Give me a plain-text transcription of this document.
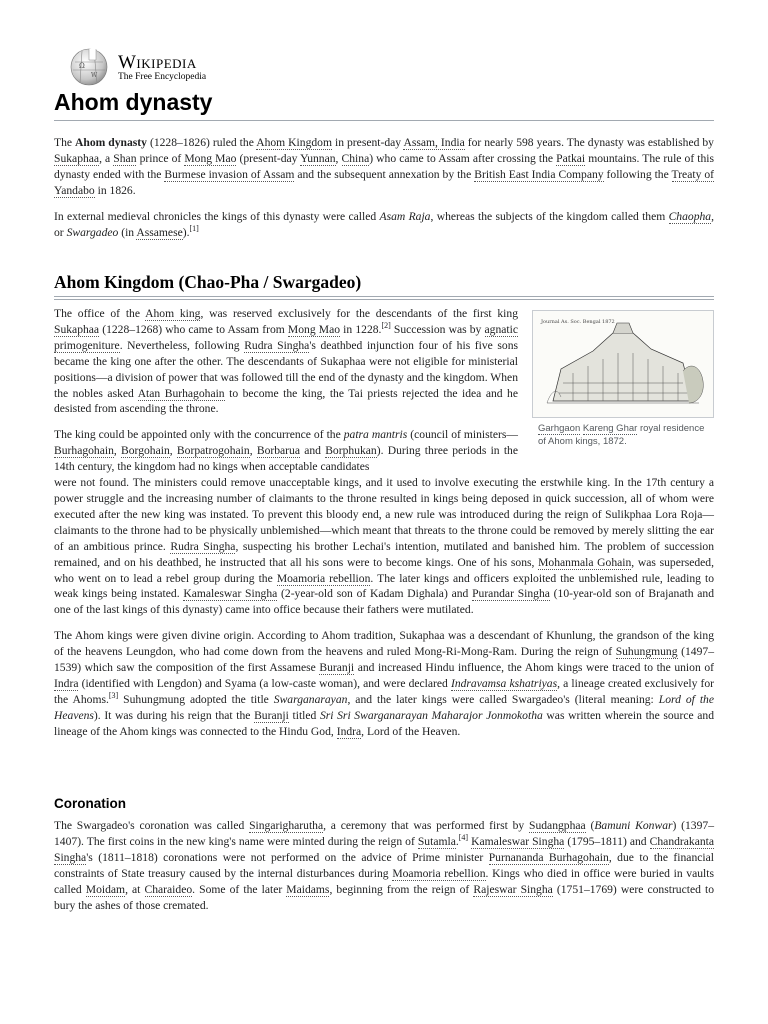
Ω
W
Wikipedia
The Free Encyclopedia
Ahom dynasty

The Ahom dynasty (1228–1826) ruled the Ahom Kingdom in present-day Assam, India for nearly 598 years. The dynasty was established by Sukaphaa, a Shan prince of Mong Mao (present-day Yunnan, China) who came to Assam after crossing the Patkai mountains. The rule of this dynasty ended with the Burmese invasion of Assam and the subsequent annexation by the British East India Company following the Treaty of Yandabo in 1826.

In external medieval chronicles the kings of this dynasty were called Asam Raja, whereas the subjects of the kingdom called them Chaopha, or Swargadeo (in Assamese).[1]

Ahom Kingdom (Chao-Pha / Swargadeo)
Journal As. Soc. Bengal 1872
Garhgaon Kareng Ghar royal residence of Ahom kings, 1872.

The office of the Ahom king, was reserved exclusively for the descendants of the first king Sukaphaa (1228–1268) who came to Assam from Mong Mao in 1228.[2] Succession was by agnatic primogeniture. Nevertheless, following Rudra Singha's deathbed injunction four of his five sons became the king one after the other. The descendants of Sukaphaa were not eligible for ministerial positions—a division of power that was followed till the end of the dynasty and the kingdom. When the nobles asked Atan Burhagohain to become the king, the Tai priests rejected the idea and he desisted from ascending the throne.

The king could be appointed only with the concurrence of the patra mantris (council of ministers—Burhagohain, Borgohain, Borpatrogohain, Borbarua and Borphukan). During three periods in the 14th century, the kingdom had no kings when acceptable candidates
were not found. The ministers could remove unacceptable kings, and it used to involve executing the erstwhile king. In the 17th century a power struggle and the increasing number of claimants to the throne resulted in kings being deposed in quick succession, all of whom were executed after the new king was instated. To prevent this bloody end, a new rule was introduced during the reign of Sulikphaa Lora Roja—claimants to the throne had to be physically unblemished—which meant that threats to the throne could be removed by merely slitting the ear of an ambitious prince. Rudra Singha, suspecting his brother Lechai's intention, mutilated and banished him. The problem of succession remained, and on his deathbed, he instructed that all his sons were to become kings. One of his sons, Mohanmala Gohain, was superseded, who went on to lead a rebel group during the Moamoria rebellion. The later kings and officers exploited the unblemished rule, leading to weak kings being instated. Kamaleswar Singha (2-year-old son of Kadam Dighala) and Purandar Singha (10-year-old son of Brajanath and one of the last kings of this dynasty) came into office because their fathers were mutilated.

The Ahom kings were given divine origin. According to Ahom tradition, Sukaphaa was a descendant of Khunlung, the grandson of the king of the heavens Leungdon, who had come down from the heavens and ruled Mong-Ri-Mong-Ram. During the reign of Suhungmung (1497–1539) which saw the composition of the first Assamese Buranji and increased Hindu influence, the Ahom kings were traced to the union of Indra (identified with Lengdon) and Syama (a low-caste woman), and were declared Indravamsa kshatriyas, a lineage created exclusively for the Ahoms.[3] Suhungmung adopted the title Swarganarayan, and the later kings were called Swargadeo's (literal meaning: Lord of the Heavens). It was during his reign that the Buranji titled Sri Sri Swarganarayan Maharajor Jonmokotha was written wherein the source and lineage of the Ahom kings was connected to the Hindu God, Indra, Lord of the Heaven.

Coronation

The Swargadeo's coronation was called Singarigharutha, a ceremony that was performed first by Sudangphaa (Bamuni Konwar) (1397–1407). The first coins in the new king's name were minted during the reign of Sutamla.[4] Kamaleswar Singha (1795–1811) and Chandrakanta Singha's (1811–1818) coronations were not performed on the advice of Prime minister Purnananda Burhagohain, due to the financial constraints of State treasury caused by the internal disturbances during Moamoria rebellion. Kings who died in office were buried in vaults called Moidam, at Charaideo. Some of the later Maidams, beginning from the reign of Rajeswar Singha (1751–1769) were constructed to bury the ashes of those cremated.
